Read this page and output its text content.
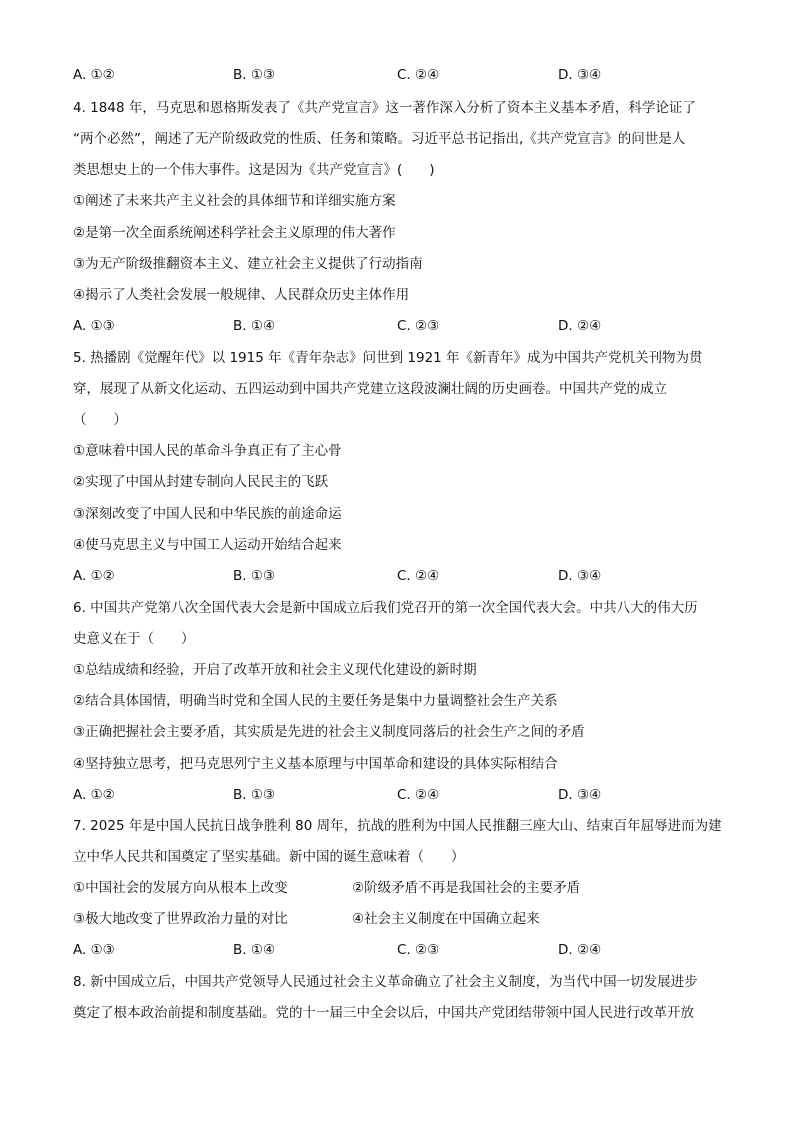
A. ①②	B. ①③	C. ②④	D. ③④
4. 1848 年，马克思和恩格斯发表了《共产党宣言》这一著作深入分析了资本主义基本矛盾，科学论证了
“两个必然”，阐述了无产阶级政党的性质、任务和策略。习近平总书记指出,《共产党宣言》的问世是人
类思想史上的一个伟大事件。这是因为《共产党宣言》(　　)
①阐述了未来共产主义社会的具体细节和详细实施方案
②是第一次全面系统阐述科学社会主义原理的伟大著作
③为无产阶级推翻资本主义、建立社会主义提供了行动指南
④揭示了人类社会发展一般规律、人民群众历史主体作用
A. ①③	B. ①④	C. ②③	D. ②④
5. 热播剧《觉醒年代》以 1915 年《青年杂志》问世到 1921 年《新青年》成为中国共产党机关刊物为贯
穿，展现了从新文化运动、五四运动到中国共产党建立这段波澜壮阔的历史画卷。中国共产党的成立
（　　）
①意味着中国人民的革命斗争真正有了主心骨
②实现了中国从封建专制向人民民主的飞跃
③深刻改变了中国人民和中华民族的前途命运
④使马克思主义与中国工人运动开始结合起来
A. ①②	B. ①③	C. ②④	D. ③④
6. 中国共产党第八次全国代表大会是新中国成立后我们党召开的第一次全国代表大会。中共八大的伟大历
史意义在于（　　）
①总结成绩和经验，开启了改革开放和社会主义现代化建设的新时期
②结合具体国情，明确当时党和全国人民的主要任务是集中力量调整社会生产关系
③正确把握社会主要矛盾，其实质是先进的社会主义制度同落后的社会生产之间的矛盾
④坚持独立思考，把马克思列宁主义基本原理与中国革命和建设的具体实际相结合
A. ①②	B. ①③	C. ②④	D. ③④
7. 2025 年是中国人民抗日战争胜利 80 周年，抗战的胜利为中国人民推翻三座大山、结束百年屈辱进而为建
立中华人民共和国奠定了坚实基础。新中国的诞生意味着（　　）
①中国社会的发展方向从根本上改变	②阶级矛盾不再是我国社会的主要矛盾
③极大地改变了世界政治力量的对比	④社会主义制度在中国确立起来
A. ①③	B. ①④	C. ②③	D. ②④
8. 新中国成立后，中国共产党领导人民通过社会主义革命确立了社会主义制度，为当代中国一切发展进步
奠定了根本政治前提和制度基础。党的十一届三中全会以后，中国共产党团结带领中国人民进行改革开放
